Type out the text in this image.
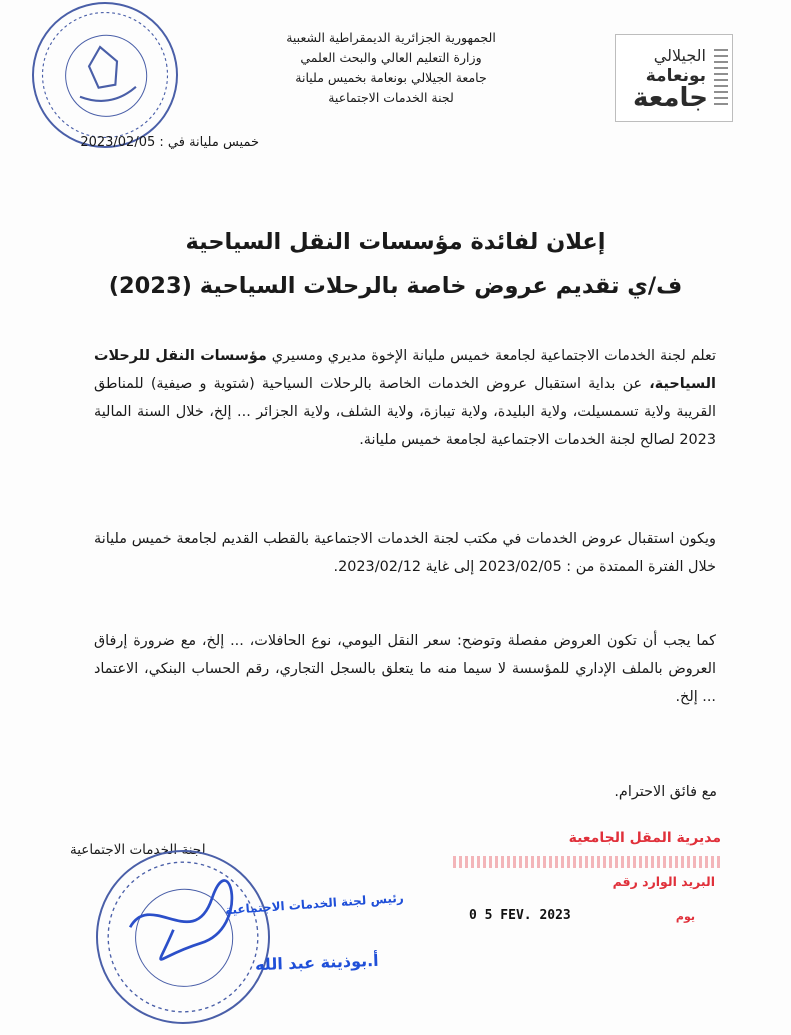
الجمهورية الجزائرية الديمقراطية الشعبية
وزارة التعليم العالي والبحث العلمي
جامعة الجيلالي بونعامة بخميس مليانة
لجنة الخدمات الاجتماعية
الجيلالي
بونعامة
جامعة
خميس مليانة في : 2023/02/05
إعلان لفائدة مؤسسات النقل السياحية
ف/ي تقديم عروض خاصة بالرحلات السياحية (2023)
تعلم لجنة الخدمات الاجتماعية لجامعة خميس مليانة الإخوة مديري ومسيري مؤسسات النقل للرحلات السياحية، عن بداية استقبال عروض الخدمات الخاصة بالرحلات السياحية (شتوية و صيفية) للمناطق القريبة ولاية تسمسيلت، ولاية البليدة، ولاية تيبازة، ولاية الشلف، ولاية الجزائر ... إلخ، خلال السنة المالية 2023 لصالح لجنة الخدمات الاجتماعية لجامعة خميس مليانة.
ويكون استقبال عروض الخدمات في مكتب لجنة الخدمات الاجتماعية بالقطب القديم لجامعة خميس مليانة خلال الفترة الممتدة من : 2023/02/05 إلى غاية 2023/02/12.
كما يجب أن تكون العروض مفصلة وتوضح: سعر النقل اليومي، نوع الحافلات، ... إلخ، مع ضرورة إرفاق العروض بالملف الإداري للمؤسسة لا سيما منه ما يتعلق بالسجل التجاري، رقم الحساب البنكي، الاعتماد ... إلخ.
مع فائق الاحترام.
لجنة الخدمات الاجتماعية
رئيس لجنة الخدمات الاجتماعية
أ.بوذينة عبد الله
مديرية المقل الجامعية
البريد الوارد رقم
يوم
0 5 FEV. 2023
